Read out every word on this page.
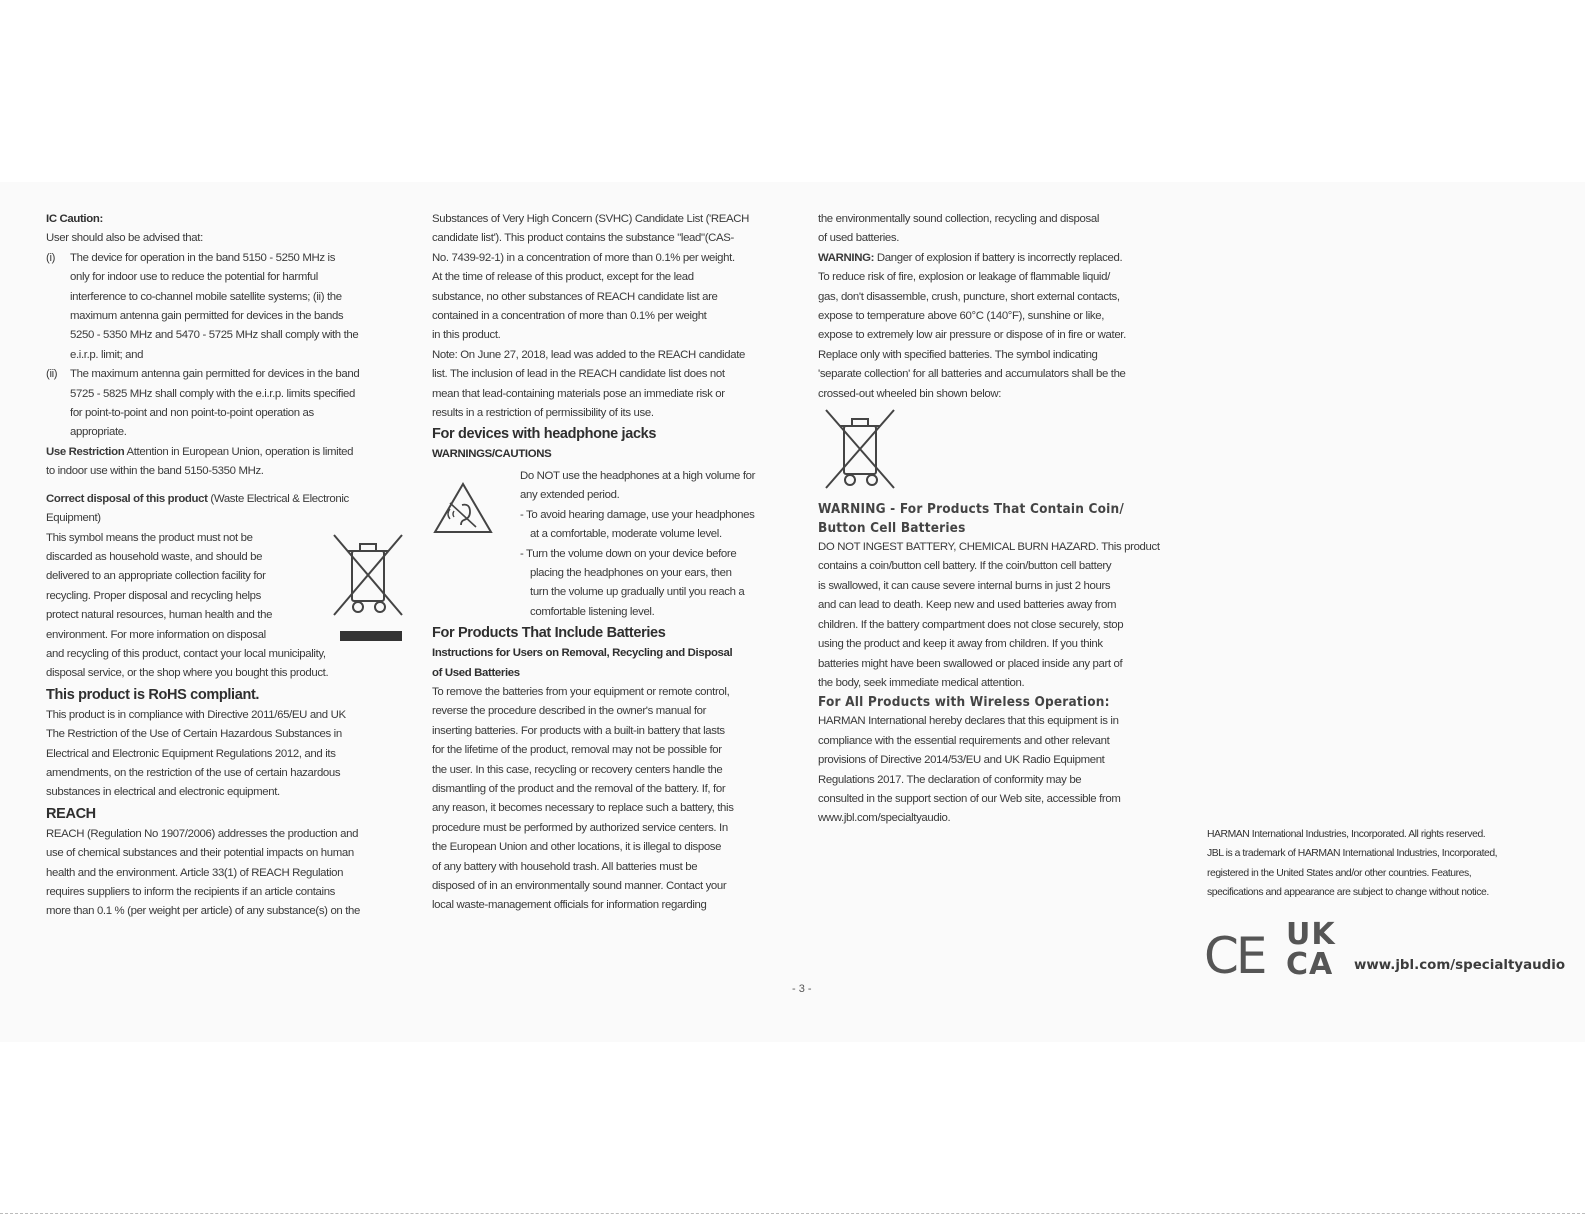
IC Caution:

User should also be advised that:

(i)	The device for operation in the band 5150 - 5250 MHz is

only for indoor use to reduce the potential for harmful

interference to co-channel mobile satellite systems; (ii) the

maximum antenna gain permitted for devices in the bands

5250 - 5350 MHz and 5470 - 5725 MHz shall comply with the

e.i.r.p. limit; and

(ii)	The maximum antenna gain permitted for devices in the band

5725 - 5825 MHz shall comply with the e.i.r.p. limits specified

for point-to-point and non point-to-point operation as

appropriate.

Use Restriction Attention in European Union, operation is limited

to indoor use within the band 5150-5350 MHz.

Correct disposal of this product (Waste Electrical & Electronic

Equipment)

This symbol means the product must not be

discarded as household waste, and should be

delivered to an appropriate collection facility for

recycling. Proper disposal and recycling helps

protect natural resources, human health and the

environment. For more information on disposal

and recycling of this product, contact your local municipality,

disposal service, or the shop where you bought this product.

This product is RoHS compliant.

This product is in compliance with Directive 2011/65/EU and UK

The Restriction of the Use of Certain Hazardous Substances in

Electrical and Electronic Equipment Regulations 2012, and its

amendments, on the restriction of the use of certain hazardous

substances in electrical and electronic equipment.

REACH

REACH (Regulation No 1907/2006) addresses the production and

use of chemical substances and their potential impacts on human

health and the environment. Article 33(1) of REACH Regulation

requires suppliers to inform the recipients if an article contains

more than 0.1 % (per weight per article) of any substance(s) on the

Substances of Very High Concern (SVHC) Candidate List ('REACH

candidate list'). This product contains the substance "lead"(CAS-

No. 7439-92-1) in a concentration of more than 0.1% per weight.

At the time of release of this product, except for the lead

substance, no other substances of REACH candidate list are

contained in a concentration of more than 0.1% per weight

in this product.

Note: On June 27, 2018, lead was added to the REACH candidate

list. The inclusion of lead in the REACH candidate list does not

mean that lead-containing materials pose an immediate risk or

results in a restriction of permissibility of its use.

For devices with headphone jacks

WARNINGS/CAUTIONS

Do NOT use the headphones at a high volume for

any extended period.

- To avoid hearing damage, use your headphones

at a comfortable, moderate volume level.

- Turn the volume down on your device before

placing the headphones on your ears, then

turn the volume up gradually until you reach a

comfortable listening level.

For Products That Include Batteries

Instructions for Users on Removal, Recycling and Disposal

of Used Batteries

To remove the batteries from your equipment or remote control,

reverse the procedure described in the owner's manual for

inserting batteries. For products with a built-in battery that lasts

for the lifetime of the product, removal may not be possible for

the user. In this case, recycling or recovery centers handle the

dismantling of the product and the removal of the battery. If, for

any reason, it becomes necessary to replace such a battery, this

procedure must be performed by authorized service centers. In

the European Union and other locations, it is illegal to dispose

of any battery with household trash. All batteries must be

disposed of in an environmentally sound manner. Contact your

local waste-management officials for information regarding

the environmentally sound collection, recycling and disposal

of used batteries.

WARNING: Danger of explosion if battery is incorrectly replaced.

To reduce risk of fire, explosion or leakage of flammable liquid/

gas, don't disassemble, crush, puncture, short external contacts,

expose to temperature above 60°C (140°F), sunshine or like,

expose to extremely low air pressure or dispose of in fire or water.

Replace only with specified batteries. The symbol indicating

'separate collection' for all batteries and accumulators shall be the

crossed-out wheeled bin shown below:

WARNING - For Products That Contain Coin/

Button Cell Batteries

DO NOT INGEST BATTERY, CHEMICAL BURN HAZARD. This product

contains a coin/button cell battery. If the coin/button cell battery

is swallowed, it can cause severe internal burns in just 2 hours

and can lead to death. Keep new and used batteries away from

children. If the battery compartment does not close securely, stop

using the product and keep it away from children. If you think

batteries might have been swallowed or placed inside any part of

the body, seek immediate medical attention.

For All Products with Wireless Operation:

HARMAN International hereby declares that this equipment is in

compliance with the essential requirements and other relevant

provisions of Directive 2014/53/EU and UK Radio Equipment

Regulations 2017. The declaration of conformity may be

consulted in the support section of our Web site, accessible from

www.jbl.com/specialtyaudio.

HARMAN International Industries, Incorporated. All rights reserved.
JBL is a trademark of HARMAN International Industries, Incorporated,
registered in the United States and/or other countries. Features,
specifications and appearance are subject to change without notice.
CE UK
CA	www.jbl.com/specialtyaudio
- 3 -
